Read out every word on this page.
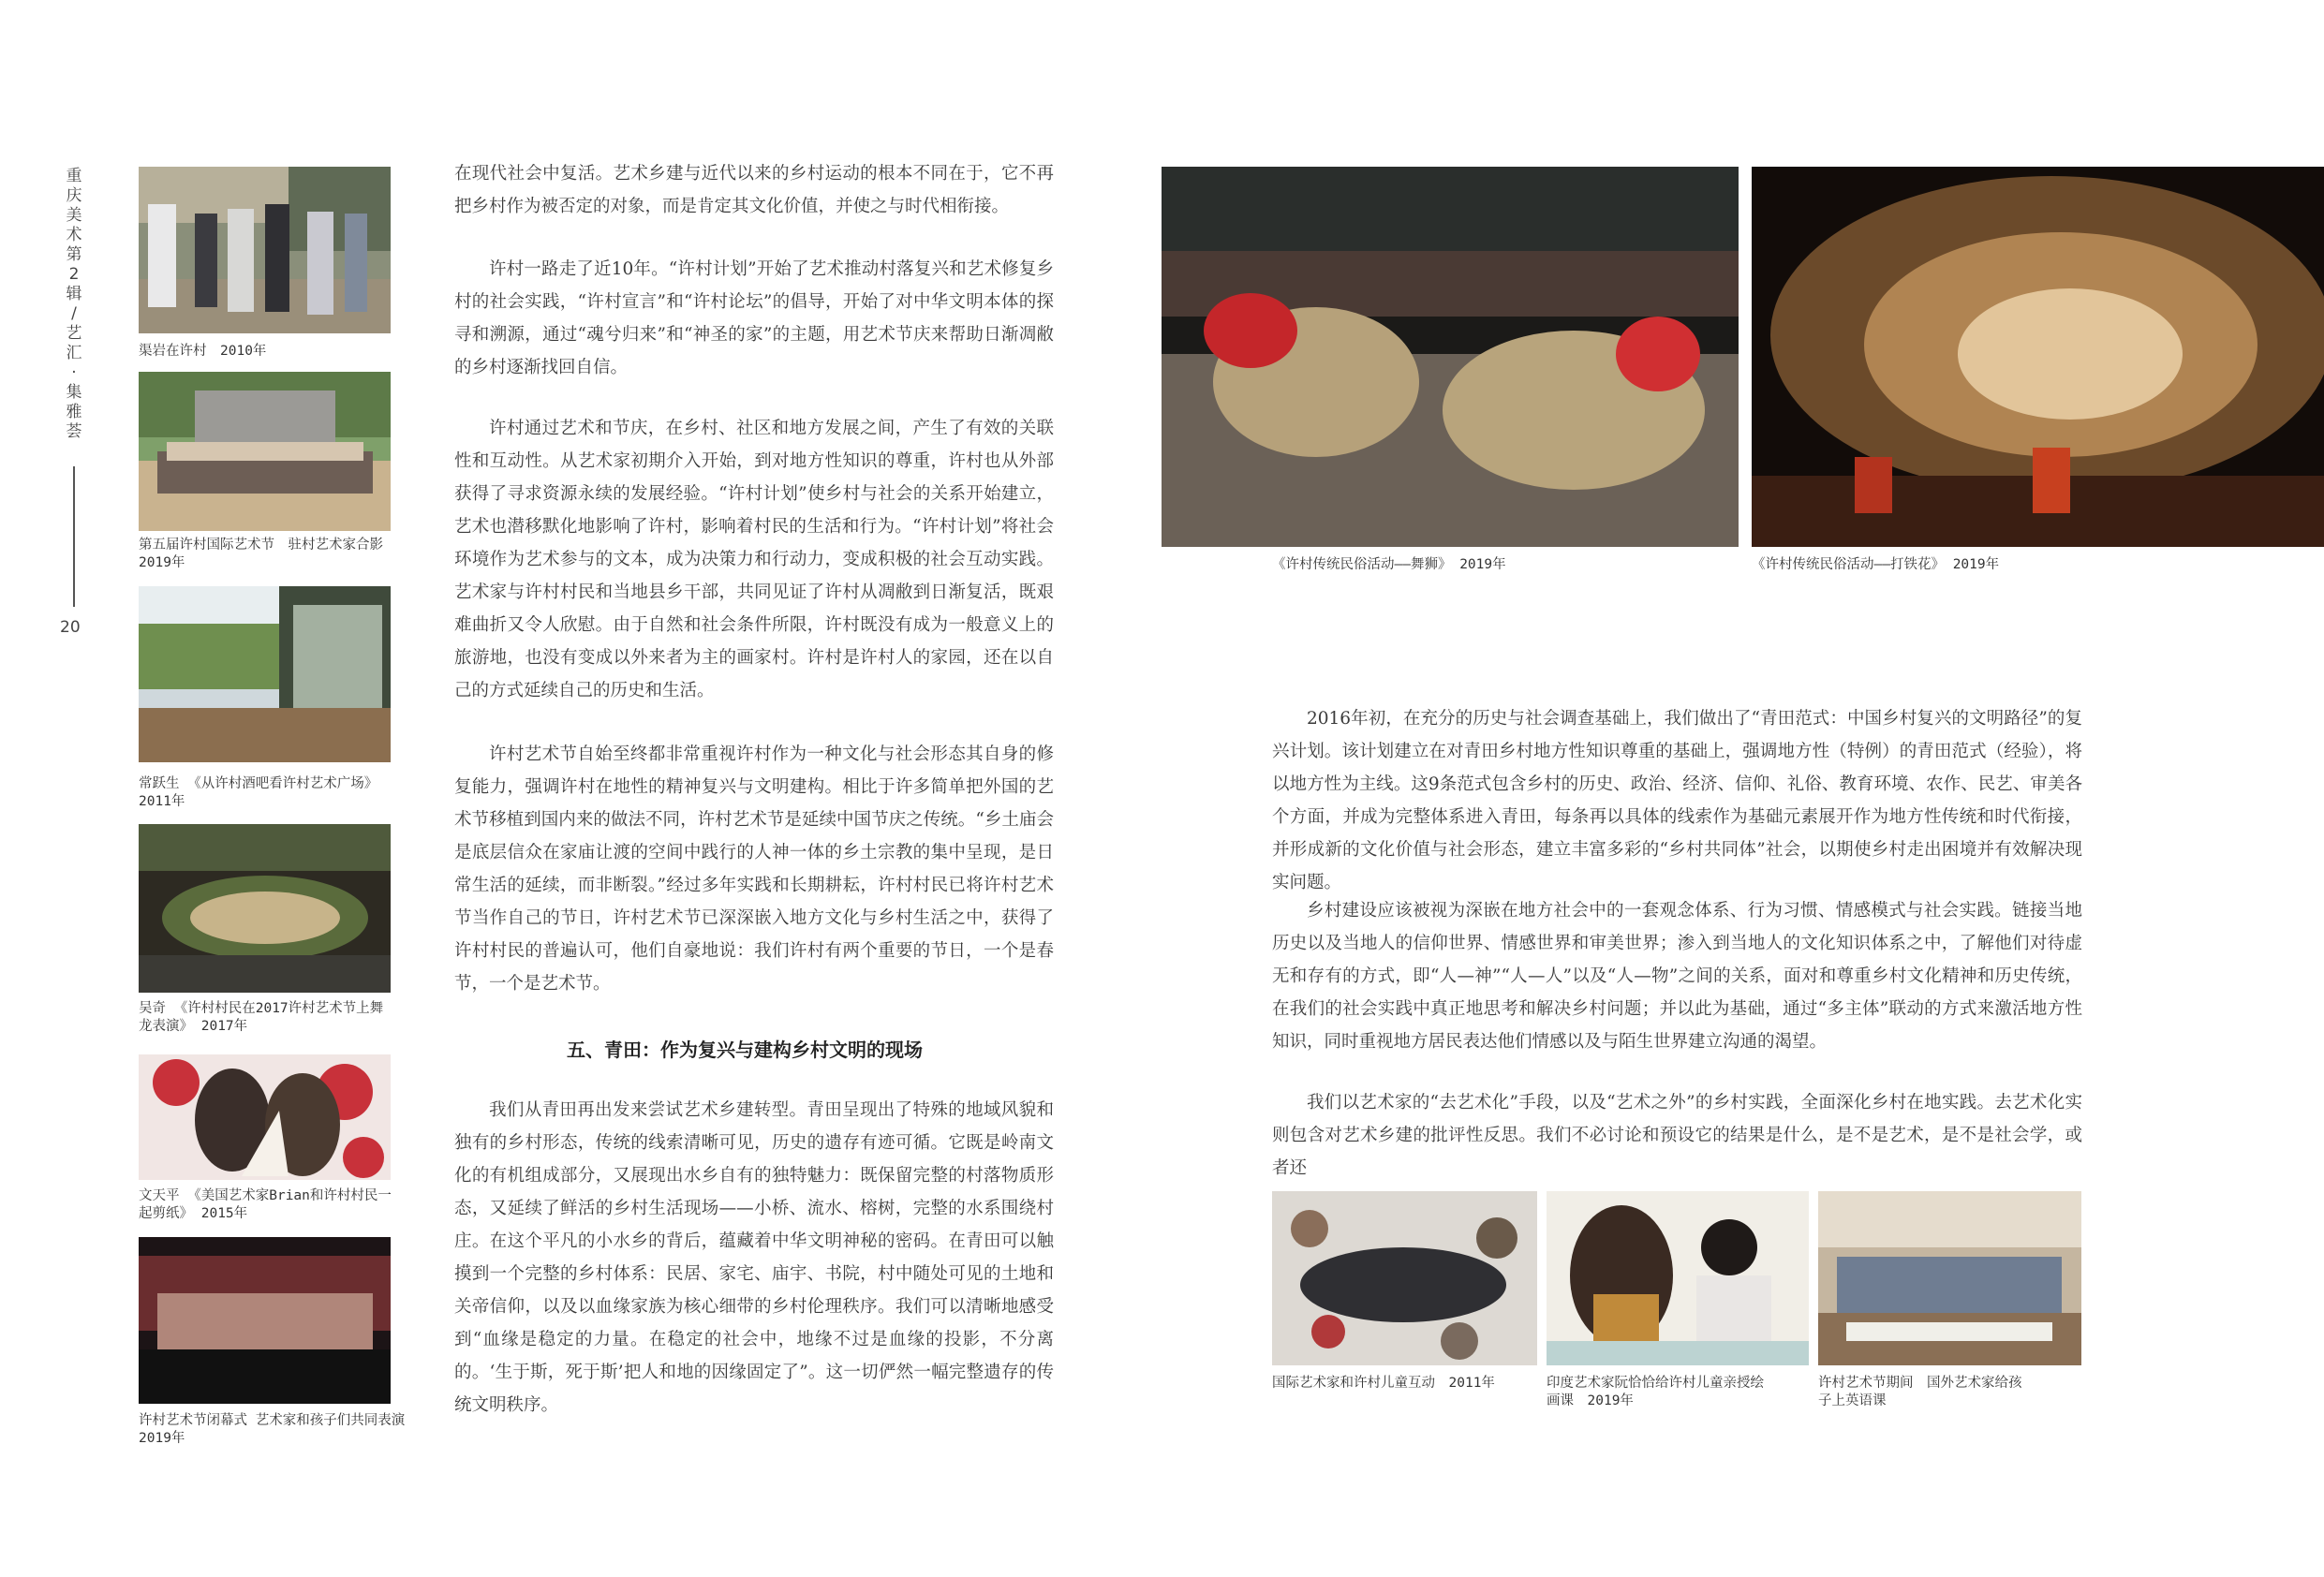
重
庆
美
术
第
2
辑
/
艺
汇
·
集
雅
荟
20
渠岩在许村　2010年
第五届许村国际艺术节　驻村艺术家合影
2019年
常跃生 《从许村酒吧看许村艺术广场》
2011年
吴奇 《许村村民在2017许村艺术节上舞
龙表演》 2017年
文天平 《美国艺术家Brian和许村村民一
起剪纸》 2015年
许村艺术节闭幕式 艺术家和孩子们共同表演
2019年

在现代社会中复活。艺术乡建与近代以来的乡村运动的根本不同在于，它不再把乡村作为被否定的对象，而是肯定其文化价值，并使之与时代相衔接。

许村一路走了近10年。“许村计划”开始了艺术推动村落复兴和艺术修复乡村的社会实践，“许村宣言”和“许村论坛”的倡导，开始了对中华文明本体的探寻和溯源，通过“魂兮归来”和“神圣的家”的主题，用艺术节庆来帮助日渐凋敝的乡村逐渐找回自信。

许村通过艺术和节庆，在乡村、社区和地方发展之间，产生了有效的关联性和互动性。从艺术家初期介入开始，到对地方性知识的尊重，许村也从外部获得了寻求资源永续的发展经验。“许村计划”使乡村与社会的关系开始建立，艺术也潜移默化地影响了许村，影响着村民的生活和行为。“许村计划”将社会环境作为艺术参与的文本，成为决策力和行动力，变成积极的社会互动实践。艺术家与许村村民和当地县乡干部，共同见证了许村从凋敝到日渐复活，既艰难曲折又令人欣慰。由于自然和社会条件所限，许村既没有成为一般意义上的旅游地，也没有变成以外来者为主的画家村。许村是许村人的家园，还在以自己的方式延续自己的历史和生活。

许村艺术节自始至终都非常重视许村作为一种文化与社会形态其自身的修复能力，强调许村在地性的精神复兴与文明建构。相比于许多简单把外国的艺术节移植到国内来的做法不同，许村艺术节是延续中国节庆之传统。“乡土庙会是底层信众在家庙让渡的空间中践行的人神一体的乡土宗教的集中呈现，是日常生活的延续，而非断裂。”经过多年实践和长期耕耘，许村村民已将许村艺术节当作自己的节日，许村艺术节已深深嵌入地方文化与乡村生活之中，获得了许村村民的普遍认可，他们自豪地说：我们许村有两个重要的节日，一个是春节，一个是艺术节。

五、青田：作为复兴与建构乡村文明的现场

我们从青田再出发来尝试艺术乡建转型。青田呈现出了特殊的地域风貌和独有的乡村形态，传统的线索清晰可见，历史的遗存有迹可循。它既是岭南文化的有机组成部分，又展现出水乡自有的独特魅力：既保留完整的村落物质形态，又延续了鲜活的乡村生活现场——小桥、流水、榕树，完整的水系围绕村庄。在这个平凡的小水乡的背后，蕴藏着中华文明神秘的密码。在青田可以触摸到一个完整的乡村体系：民居、家宅、庙宇、书院，村中随处可见的土地和关帝信仰，以及以血缘家族为核心细带的乡村伦理秩序。我们可以清晰地感受到“血缘是稳定的力量。在稳定的社会中，地缘不过是血缘的投影，不分离的。‘生于斯，死于斯’把人和地的因缘固定了”。这一切俨然一幅完整遗存的传统文明秩序。

《许村传统民俗活动——舞狮》 2019年	《许村传统民俗活动——打铁花》 2019年

2016年初，在充分的历史与社会调查基础上，我们做出了“青田范式：中国乡村复兴的文明路径”的复兴计划。该计划建立在对青田乡村地方性知识尊重的基础上，强调地方性（特例）的青田范式（经验），将以地方性为主线。这9条范式包含乡村的历史、政治、经济、信仰、礼俗、教育环境、农作、民艺、审美各个方面，并成为完整体系进入青田，每条再以具体的线索作为基础元素展开作为地方性传统和时代衔接，并形成新的文化价值与社会形态，建立丰富多彩的“乡村共同体”社会，以期使乡村走出困境并有效解决现实问题。

乡村建设应该被视为深嵌在地方社会中的一套观念体系、行为习惯、情感模式与社会实践。链接当地历史以及当地人的信仰世界、情感世界和审美世界；渗入到当地人的文化知识体系之中，了解他们对待虚无和存有的方式，即“人—神”“人—人”以及“人—物”之间的关系，面对和尊重乡村文化精神和历史传统，在我们的社会实践中真正地思考和解决乡村问题；并以此为基础，通过“多主体”联动的方式来激活地方性知识，同时重视地方居民表达他们情感以及与陌生世界建立沟通的渴望。

我们以艺术家的“去艺术化”手段，以及“艺术之外”的乡村实践，全面深化乡村在地实践。去艺术化实则包含对艺术乡建的批评性反思。我们不必讨论和预设它的结果是什么，是不是艺术，是不是社会学，或者还

国际艺术家和许村儿童互动　2011年	印度艺术家阮恰恰给许村儿童亲授绘
画课　2019年
许村艺术节期间　国外艺术家给孩
子上英语课
